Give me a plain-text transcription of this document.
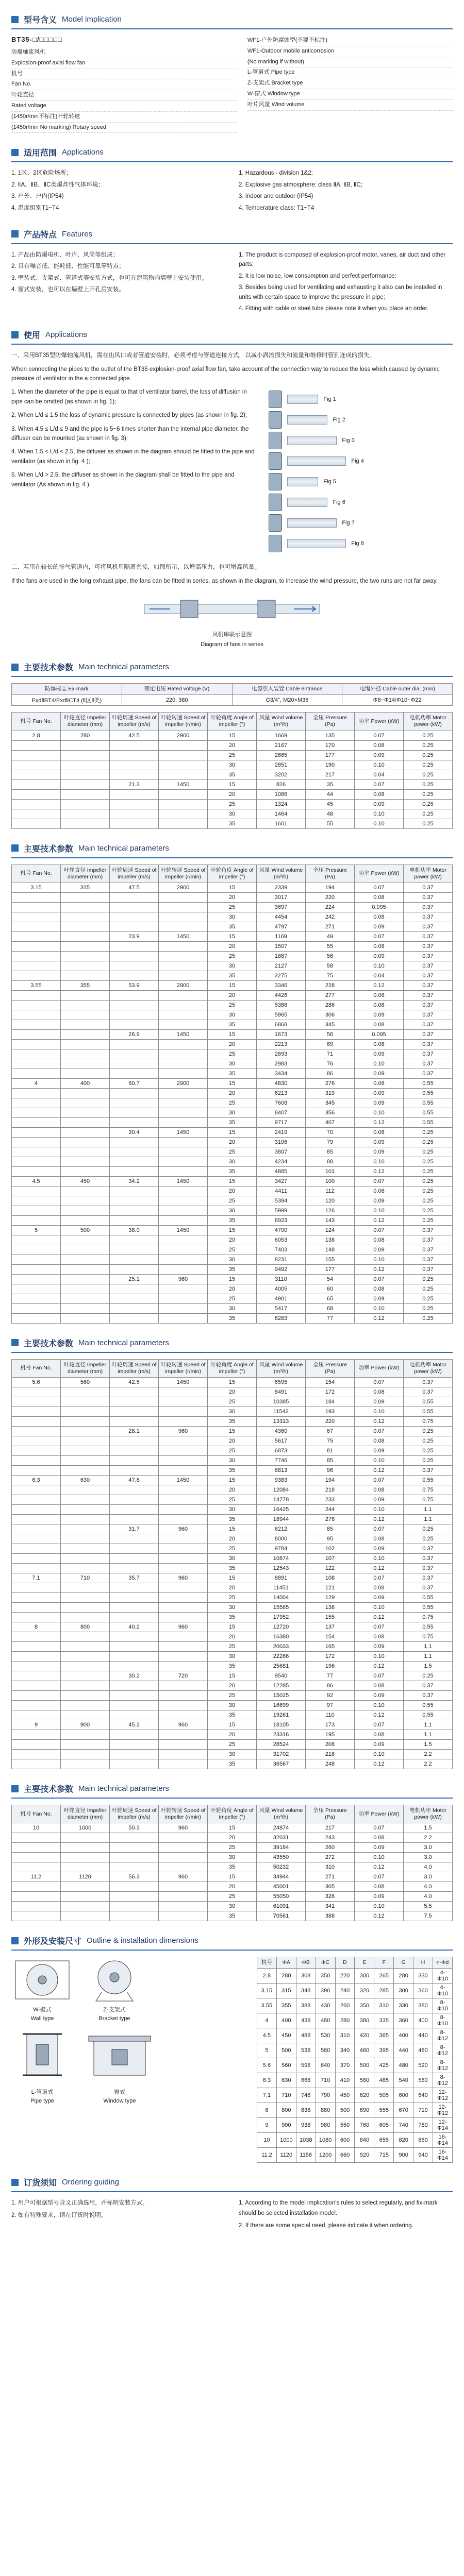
型号含义 Model implication
BT35-□/□□□□□
防爆轴流风机
Explosion-proof axial flow fan
机号
Fan No.
叶轮直径
Rated voltage
(1450r/min不标注)叶轮转速
(1450r/min No marking) Rotary speed
WF1-户外防腐蚀型(不要不标注)
WF1-Outdoor mobile anticorrosion
(No marking if without)
L-管道式 Pipe type
Z-支架式 Bracket type
W-窗式 Window type
叶片风量 Wind volume
适用范围 Applications
1. 1区、2区危险场所；
2. ⅡA、ⅡB、ⅡC类爆炸性气体环境；
3. 户外、户内(IP54)
4. 温度组别T1~T4
1. Hazardous - division 1&2;
2. Explosive gas atmosphere: class ⅡA, ⅡB, ⅡC;
3. Indoor and outdoor (IP54)
4. Temperature class: T1~T4
产品特点 Features
1. 产品由防爆电机、叶片、风筒等组成；
2. 具有噪音低、能耗低、性能可靠等特点；
3. 壁装式、支架式、管道式等安装方式，也可在建筑物内墙壁上安装使用。
4. 窗式安装，也可以在墙壁上开孔后安装。
1. The product is composed of explosion-proof motor, vanes, air duct and other parts;
2. It is low noise, low consumption and perfect performance;
3. Besides being used for ventilating and exhausting it also can be installed in units with certain space to improve the pressure in pipe;
4. Fitting with cable or steel tube please note it when you place an order.
使用 Applications

一、采用BT35型防爆轴流风机，需在出风口或者管道安装时，必须考虑与管道连接方式，以减小涡流损失和流量和维修时管到连成的损失。

When connecting the pipes to the outlet of the BT35 explosion-proof axial flow fan, take account of the connection way to reduce the loss which caused by dynamic pressure of ventilator in the a connected pipe.

1. When the diameter of the pipe is equal to that of ventilator barrel, the loss of diffusion in pipe can be omitted (as shown in fig. 1);

2. When L/d ≤ 1.5 the loss of dynamic pressure is connected by pipes (as shown in fig. 2);

3. When 4.5 ≤ L/d ≤ 9 and the pipe is 5~6 times shorter than the internal pipe diameter, the diffuser can be mounted (as shown in fig. 3);

4. When 1.5 < L/d < 2.5, the diffuser as shown in the diagram should be fitted to the pipe and ventilator (as shown in fig. 4 );

5. When L/d > 2.5, the diffuser as shown in the diagram shall be fitted to the pipe and ventilator (As shown in fig. 4 ).

Fig 1
Fig 2
Fig 3
Fig 4
Fig 5
Fig 6
Fig 7
Fig 8

二、若用在较长的排气管道内，可将风机用隔离套接，如图所示，以增高压力，也可增高风量。

If the fans are used in the long exhaust pipe, the fans can be fitted in series, as shown in the diagram, to increase the wind pressure, the two runs are not far away.

风机串联示意图
Diagram of fans in series
主要技术参数 Main technical parameters
防爆标志 Ex-mark	额定电压 Rated voltage (V)	电源引入装置 Cable entrance	电缆外径 Cable outer dia. (mm)
ExdⅡBT4/ExdⅡCT4 (Ⅱ区Ⅱ类)	220, 380	G3/4", M20×M36	Φ8~Φ14/Φ10~Φ22
机号 Fan No.	叶轮直径 Impeller diameter (mm)	叶轮周速 Speed of impeller (m/s)	叶轮转速 Speed of impeller (r/min)	叶轮角度 Angle of impeller (°)	风量 Wind volume (m³/h)	全压 Pressure (Pa)	功率 Power (kW)	电机功率 Motor power (kW)
2.8	280	42.5	2900	15	1669	135	0.07	0.25
				20	2167	170	0.08	0.25
				25	2665	177	0.09	0.25
				30	2851	190	0.10	0.25
				35	3202	217	0.04	0.25
		21.3	1450	15	826	35	0.07	0.25
				20	1086	44	0.08	0.25
				25	1324	45	0.09	0.25
				30	1464	48	0.10	0.25
				35	1601	55	0.10	0.25
主要技术参数 Main technical parameters
机号 Fan No.	叶轮直径 Impeller diameter (mm)	叶轮周速 Speed of impeller (m/s)	叶轮转速 Speed of impeller (r/min)	叶轮角度 Angle of impeller (°)	风量 Wind volume (m³/h)	全压 Pressure (Pa)	功率 Power (kW)	电机功率 Motor power (kW)
3.15	315	47.5	2900	15	2339	194	0.07	0.37
				20	3017	220	0.08	0.37
				25	3697	224	0.095	0.37
				30	4454	242	0.08	0.37
				35	4797	271	0.09	0.37
		23.9	1450	15	1169	49	0.07	0.37
				20	1507	55	0.08	0.37
				25	1887	56	0.09	0.37
				30	2127	58	0.10	0.37
				35	2275	75	0.04	0.37
3.55	355	53.9	2900	15	3346	228	0.12	0.37
				20	4426	277	0.08	0.37
				25	5386	286	0.08	0.37
				30	5965	306	0.09	0.37
				35	6868	345	0.08	0.37
		26.9	1450	15	1673	56	0.095	0.37
				20	2213	69	0.08	0.37
				25	2693	71	0.09	0.37
				30	2983	76	0.10	0.37
				35	3434	86	0.09	0.37
4	400	60.7	2900	15	4830	276	0.08	0.55
				20	6213	319	0.09	0.55
				25	7608	345	0.09	0.55
				30	8407	356	0.10	0.55
				35	9717	407	0.12	0.55
		30.4	1450	15	2419	70	0.08	0.25
				20	3106	79	0.09	0.25
				25	3807	85	0.09	0.25
				30	4234	88	0.10	0.25
				35	4885	101	0.12	0.25
4.5	450	34.2	1450	15	3427	100	0.07	0.25
				20	4411	112	0.08	0.25
				25	5394	120	0.09	0.25
				30	5999	126	0.10	0.25
				35	6923	143	0.12	0.25
5	500	38.0	1450	15	4700	124	0.07	0.37
				20	6053	138	0.08	0.37
				25	7403	148	0.09	0.37
				30	8231	155	0.10	0.37
				35	9492	177	0.12	0.37
		25.1	960	15	3110	54	0.07	0.25
				20	4005	60	0.08	0.25
				25	4901	65	0.09	0.25
				30	5417	68	0.10	0.25
				35	6283	77	0.12	0.25
主要技术参数 Main technical parameters
机号 Fan No.	叶轮直径 Impeller diameter (mm)	叶轮周速 Speed of impeller (m/s)	叶轮转速 Speed of impeller (r/min)	叶轮角度 Angle of impeller (°)	风量 Wind volume (m³/h)	全压 Pressure (Pa)	功率 Power (kW)	电机功率 Motor power (kW)
5.6	560	42.5	1450	15	6595	154	0.07	0.37
				20	8491	172	0.08	0.37
				25	10385	184	0.09	0.55
				30	11542	193	0.10	0.55
				35	13313	220	0.12	0.75
		28.1	960	15	4360	67	0.07	0.25
				20	5617	75	0.08	0.25
				25	6873	81	0.09	0.25
				30	7746	85	0.10	0.25
				35	8813	96	0.12	0.37
6.3	630	47.8	1450	15	9383	194	0.07	0.55
				20	12084	218	0.08	0.75
				25	14778	233	0.09	0.75
				30	16425	244	0.10	1.1
				35	18944	278	0.12	1.1
		31.7	960	15	6212	85	0.07	0.25
				20	8000	95	0.08	0.25
				25	9784	102	0.09	0.37
				30	10874	107	0.10	0.37
				35	12543	122	0.12	0.37
7.1	710	35.7	960	15	8891	108	0.07	0.37
				20	11451	121	0.08	0.37
				25	14004	129	0.09	0.55
				30	15565	136	0.10	0.55
				35	17952	155	0.12	0.75
8	800	40.2	960	15	12720	137	0.07	0.55
				20	16380	154	0.08	0.75
				25	20033	165	0.09	1.1
				30	22266	172	0.10	1.1
				35	25681	196	0.12	1.5
		30.2	720	15	9540	77	0.07	0.25
				20	12285	86	0.08	0.37
				25	15025	92	0.09	0.37
				30	16699	97	0.10	0.55
				35	19261	110	0.12	0.55
9	900	45.2	960	15	18105	173	0.07	1.1
				20	23316	195	0.08	1.1
				25	28524	208	0.09	1.5
				30	31702	218	0.10	2.2
				35	36567	248	0.12	2.2
主要技术参数 Main technical parameters
机号 Fan No.	叶轮直径 Impeller diameter (mm)	叶轮周速 Speed of impeller (m/s)	叶轮转速 Speed of impeller (r/min)	叶轮角度 Angle of impeller (°)	风量 Wind volume (m³/h)	全压 Pressure (Pa)	功率 Power (kW)	电机功率 Motor power (kW)
10	1000	50.3	960	15	24874	217	0.07	1.5
				20	32031	243	0.08	2.2
				25	39184	260	0.09	3.0
				30	43550	272	0.10	3.0
				35	50232	310	0.12	4.0
11.2	1120	56.3	960	15	34944	271	0.07	3.0
				20	45001	305	0.08	4.0
				25	55050	326	0.09	4.0
				30	61091	341	0.10	5.5
				35	70561	388	0.12	7.5
外形及安装尺寸 Outline & installation dimensions
W-壁式
Wall type
Z-支架式
Bracket type
L-管道式
Pipe type
窗式
Window type
机号	ΦA	ΦB	ΦC	D	E	F	G	H	n-Φd
2.8	280	308	350	220	300	265	280	330	4-Φ10
3.15	315	348	390	240	320	285	300	360	4-Φ10
3.55	355	388	430	260	350	310	330	380	8-Φ10
4	400	438	480	280	380	335	360	400	8-Φ10
4.5	450	488	530	310	420	365	400	440	8-Φ12
5	500	538	580	340	460	395	440	480	8-Φ12
5.6	560	598	640	370	500	425	480	520	8-Φ12
6.3	630	668	710	410	560	465	540	580	8-Φ12
7.1	710	748	790	450	620	505	600	640	12-Φ12
8	800	838	880	500	690	555	670	710	12-Φ12
9	900	938	980	550	760	605	740	780	12-Φ14
10	1000	1038	1080	600	840	655	820	860	16-Φ14
11.2	1120	1158	1200	660	920	715	900	940	16-Φ14
订货须知 Ordering guiding
1. 用户可根据型号含义正确选用，并标明安装方式。
2. 如有特殊要求，请在订货时说明。
1. According to the model implication's rules to select regularly, and fix-mark should be selected installation model.
2. If there are some special need, please indicate it when ordering.
